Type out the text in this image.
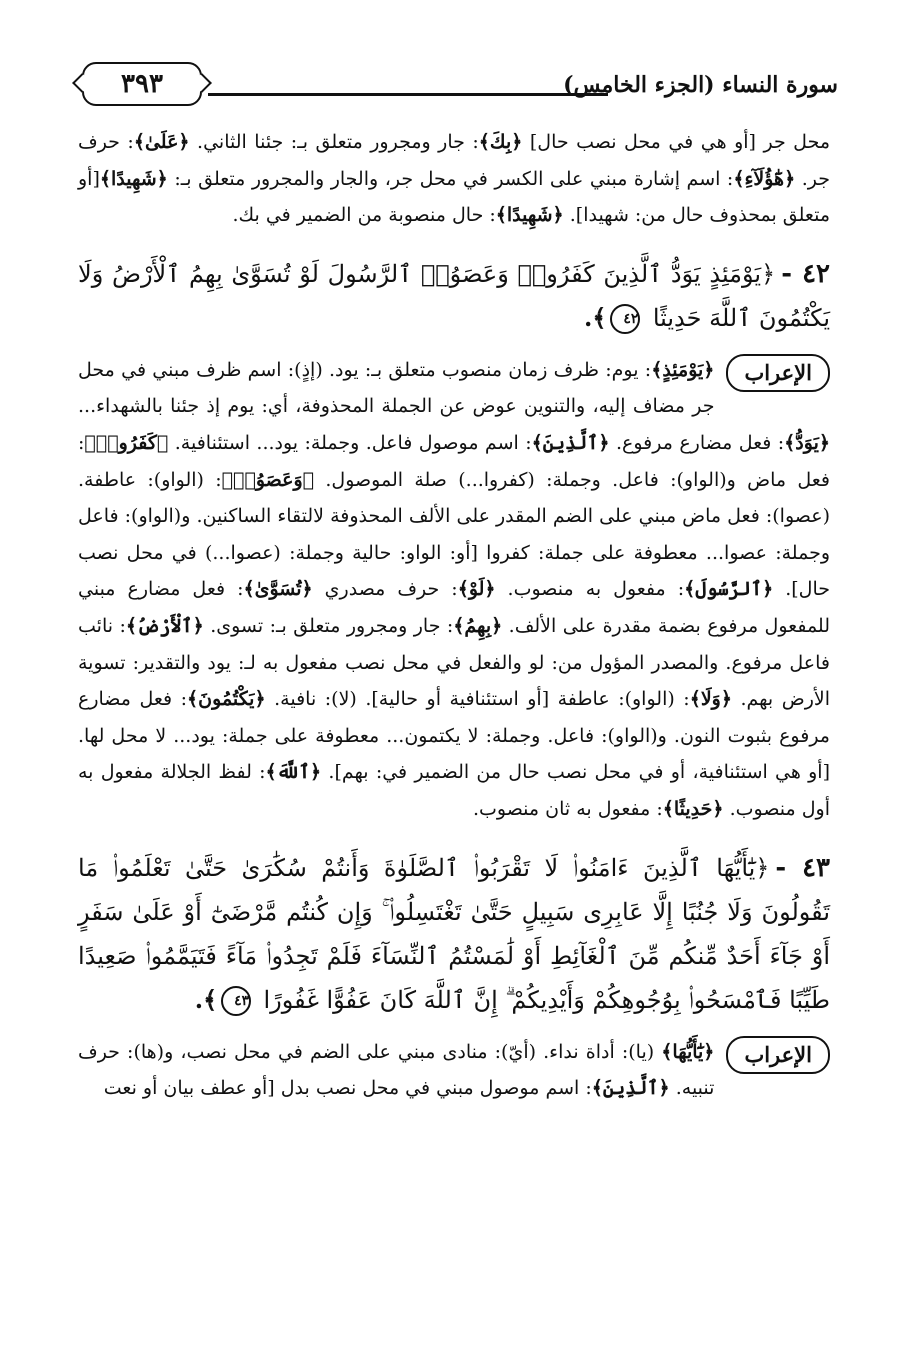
سورة النساء (الجزء الخامس)
٣٩٣

محل جر [أو هي في محل نصب حال] ﴿بِكَ﴾: جار ومجرور متعلق بـ: جئنا الثاني. ﴿عَلَىٰ﴾: حرف جر. ﴿هَٰٓؤُلَآءِ﴾: اسم إشارة مبني على الكسر في محل جر، والجار والمجرور متعلق بـ: ﴿شَهِيدًا﴾[أو متعلق بمحذوف حال من: شهيدا]. ﴿شَهِيدًا﴾: حال منصوبة من الضمير في بك.

٤٢ -﴿يَوْمَئِذٍ يَوَدُّ ٱلَّذِينَ كَفَرُوا۟ وَعَصَوُا۟ ٱلرَّسُولَ لَوْ تُسَوَّىٰ بِهِمُ ٱلْأَرْضُ وَلَا يَكْتُمُونَ ٱللَّهَ حَدِيثًا ٤٢﴾.

الإعراب

﴿يَوْمَئِذٍ﴾: يوم: ظرف زمان منصوب متعلق بـ: يود. (إذٍ): اسم ظرف مبني في محل جر مضاف إليه، والتنوين عوض عن الجملة المحذوفة، أي: يوم إذ جئنا بالشهداء... ﴿يَوَدُّ﴾: فعل مضارع مرفوع. ﴿ٱلَّذِينَ﴾: اسم موصول فاعل. وجملة: يود... استئنافية. ﴿كَفَرُوا۟﴾: فعل ماض و(الواو): فاعل. وجملة: (كفروا...) صلة الموصول. ﴿وَعَصَوُا۟﴾: (الواو): عاطفة. (عصوا): فعل ماض مبني على الضم المقدر على الألف المحذوفة لالتقاء الساكنين. و(الواو): فاعل وجملة: عصوا... معطوفة على جملة: كفروا [أو: الواو: حالية وجملة: (عصوا...) في محل نصب حال]. ﴿ٱلرَّسُولَ﴾: مفعول به منصوب. ﴿لَوْ﴾: حرف مصدري ﴿تُسَوَّىٰ﴾: فعل مضارع مبني للمفعول مرفوع بضمة مقدرة على الألف. ﴿بِهِمُ﴾: جار ومجرور متعلق بـ: تسوى. ﴿ٱلْأَرْضُ﴾: نائب فاعل مرفوع. والمصدر المؤول من: لو والفعل في محل نصب مفعول به لـ: يود والتقدير: تسوية الأرض بهم. ﴿وَلَا﴾: (الواو): عاطفة [أو استئنافية أو حالية]. (لا): نافية. ﴿يَكْتُمُونَ﴾: فعل مضارع مرفوع بثبوت النون. و(الواو): فاعل. وجملة: لا يكتمون... معطوفة على جملة: يود... لا محل لها. [أو هي استئنافية، أو في محل نصب حال من الضمير في: بهم]. ﴿ٱللَّهَ﴾: لفظ الجلالة مفعول به أول منصوب. ﴿حَدِيثًا﴾: مفعول به ثان منصوب.

٤٣ -﴿يَٰٓأَيُّهَا ٱلَّذِينَ ءَامَنُوا۟ لَا تَقْرَبُوا۟ ٱلصَّلَوٰةَ وَأَنتُمْ سُكَٰرَىٰ حَتَّىٰ تَعْلَمُوا۟ مَا تَقُولُونَ وَلَا جُنُبًا إِلَّا عَابِرِى سَبِيلٍ حَتَّىٰ تَغْتَسِلُوا۟ ۚ وَإِن كُنتُم مَّرْضَىٰٓ أَوْ عَلَىٰ سَفَرٍ أَوْ جَآءَ أَحَدٌ مِّنكُم مِّنَ ٱلْغَآئِطِ أَوْ لَٰمَسْتُمُ ٱلنِّسَآءَ فَلَمْ تَجِدُوا۟ مَآءً فَتَيَمَّمُوا۟ صَعِيدًا طَيِّبًا فَٱمْسَحُوا۟ بِوُجُوهِكُمْ وَأَيْدِيكُمْ ۗ إِنَّ ٱللَّهَ كَانَ عَفُوًّا غَفُورًا ٤٣﴾.

الإعراب

﴿يَٰٓأَيُّهَا﴾ (يا): أداة نداء. (أيّ): منادى مبني على الضم في محل نصب، و(ها): حرف تنبيه. ﴿ٱلَّذِينَ﴾: اسم موصول مبني في محل نصب بدل [أو عطف بيان أو نعت
